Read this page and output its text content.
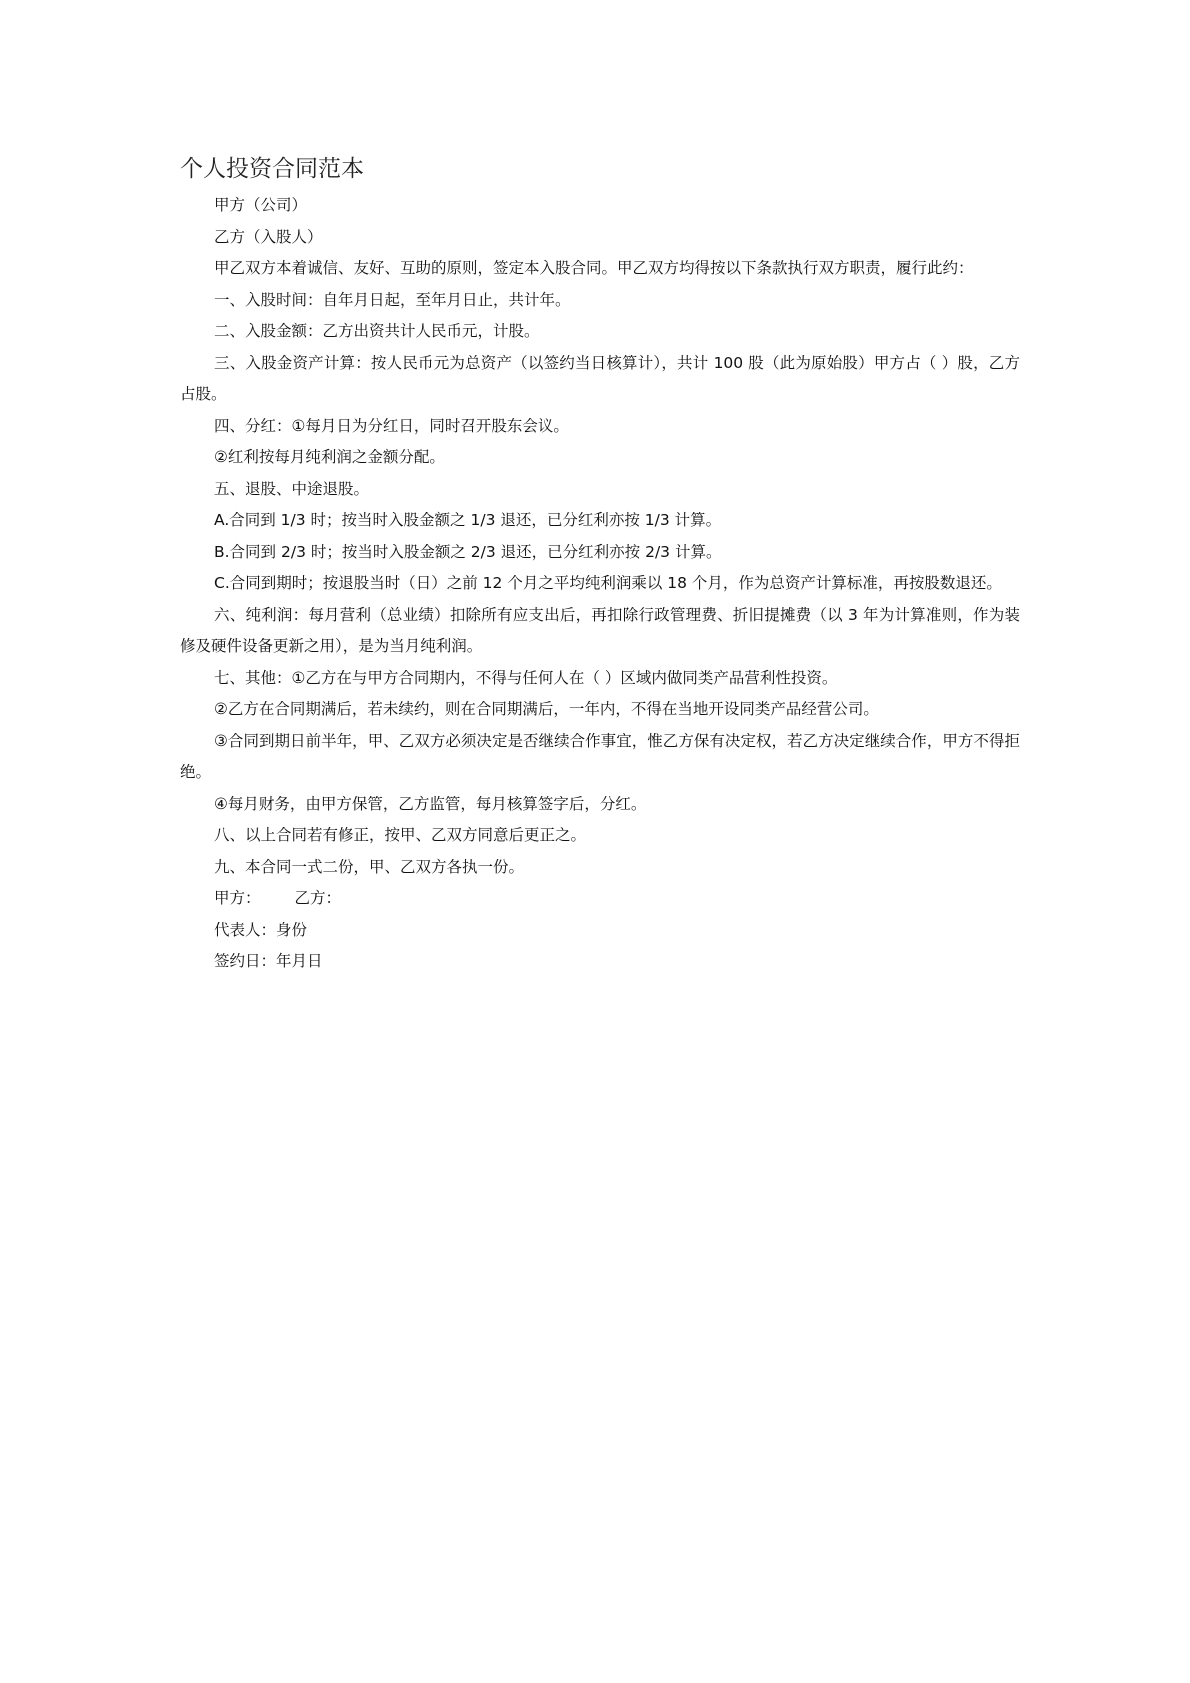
个人投资合同范本

甲方（公司）

乙方（入股人）

甲乙双方本着诚信、友好、互助的原则，签定本入股合同。甲乙双方均得按以下条款执行双方职责，履行此约：

一、入股时间：自年月日起，至年月日止，共计年。

二、入股金额：乙方出资共计人民币元，计股。

三、入股金资产计算：按人民币元为总资产（以签约当日核算计），共计 100 股（此为原始股）甲方占（ ）股，乙方占股。

四、分红：①每月日为分红日，同时召开股东会议。

②红利按每月纯利润之金额分配。

五、退股、中途退股。

A.合同到 1/3 时；按当时入股金额之 1/3 退还，已分红利亦按 1/3 计算。

B.合同到 2/3 时；按当时入股金额之 2/3 退还，已分红利亦按 2/3 计算。

C.合同到期时；按退股当时（日）之前 12 个月之平均纯利润乘以 18 个月，作为总资产计算标准，再按股数退还。

六、纯利润：每月营利（总业绩）扣除所有应支出后，再扣除行政管理费、折旧提摊费（以 3 年为计算准则，作为装修及硬件设备更新之用），是为当月纯利润。

七、其他：①乙方在与甲方合同期内，不得与任何人在（ ）区域内做同类产品营利性投资。

②乙方在合同期满后，若未续约，则在合同期满后，一年内，不得在当地开设同类产品经营公司。

③合同到期日前半年，甲、乙双方必须决定是否继续合作事宜，惟乙方保有决定权，若乙方决定继续合作，甲方不得拒绝。

④每月财务，由甲方保管，乙方监管，每月核算签字后，分红。

八、以上合同若有修正，按甲、乙双方同意后更正之。

九、本合同一式二份，甲、乙双方各执一份。

甲方： 乙方：

代表人：身份

签约日：年月日
